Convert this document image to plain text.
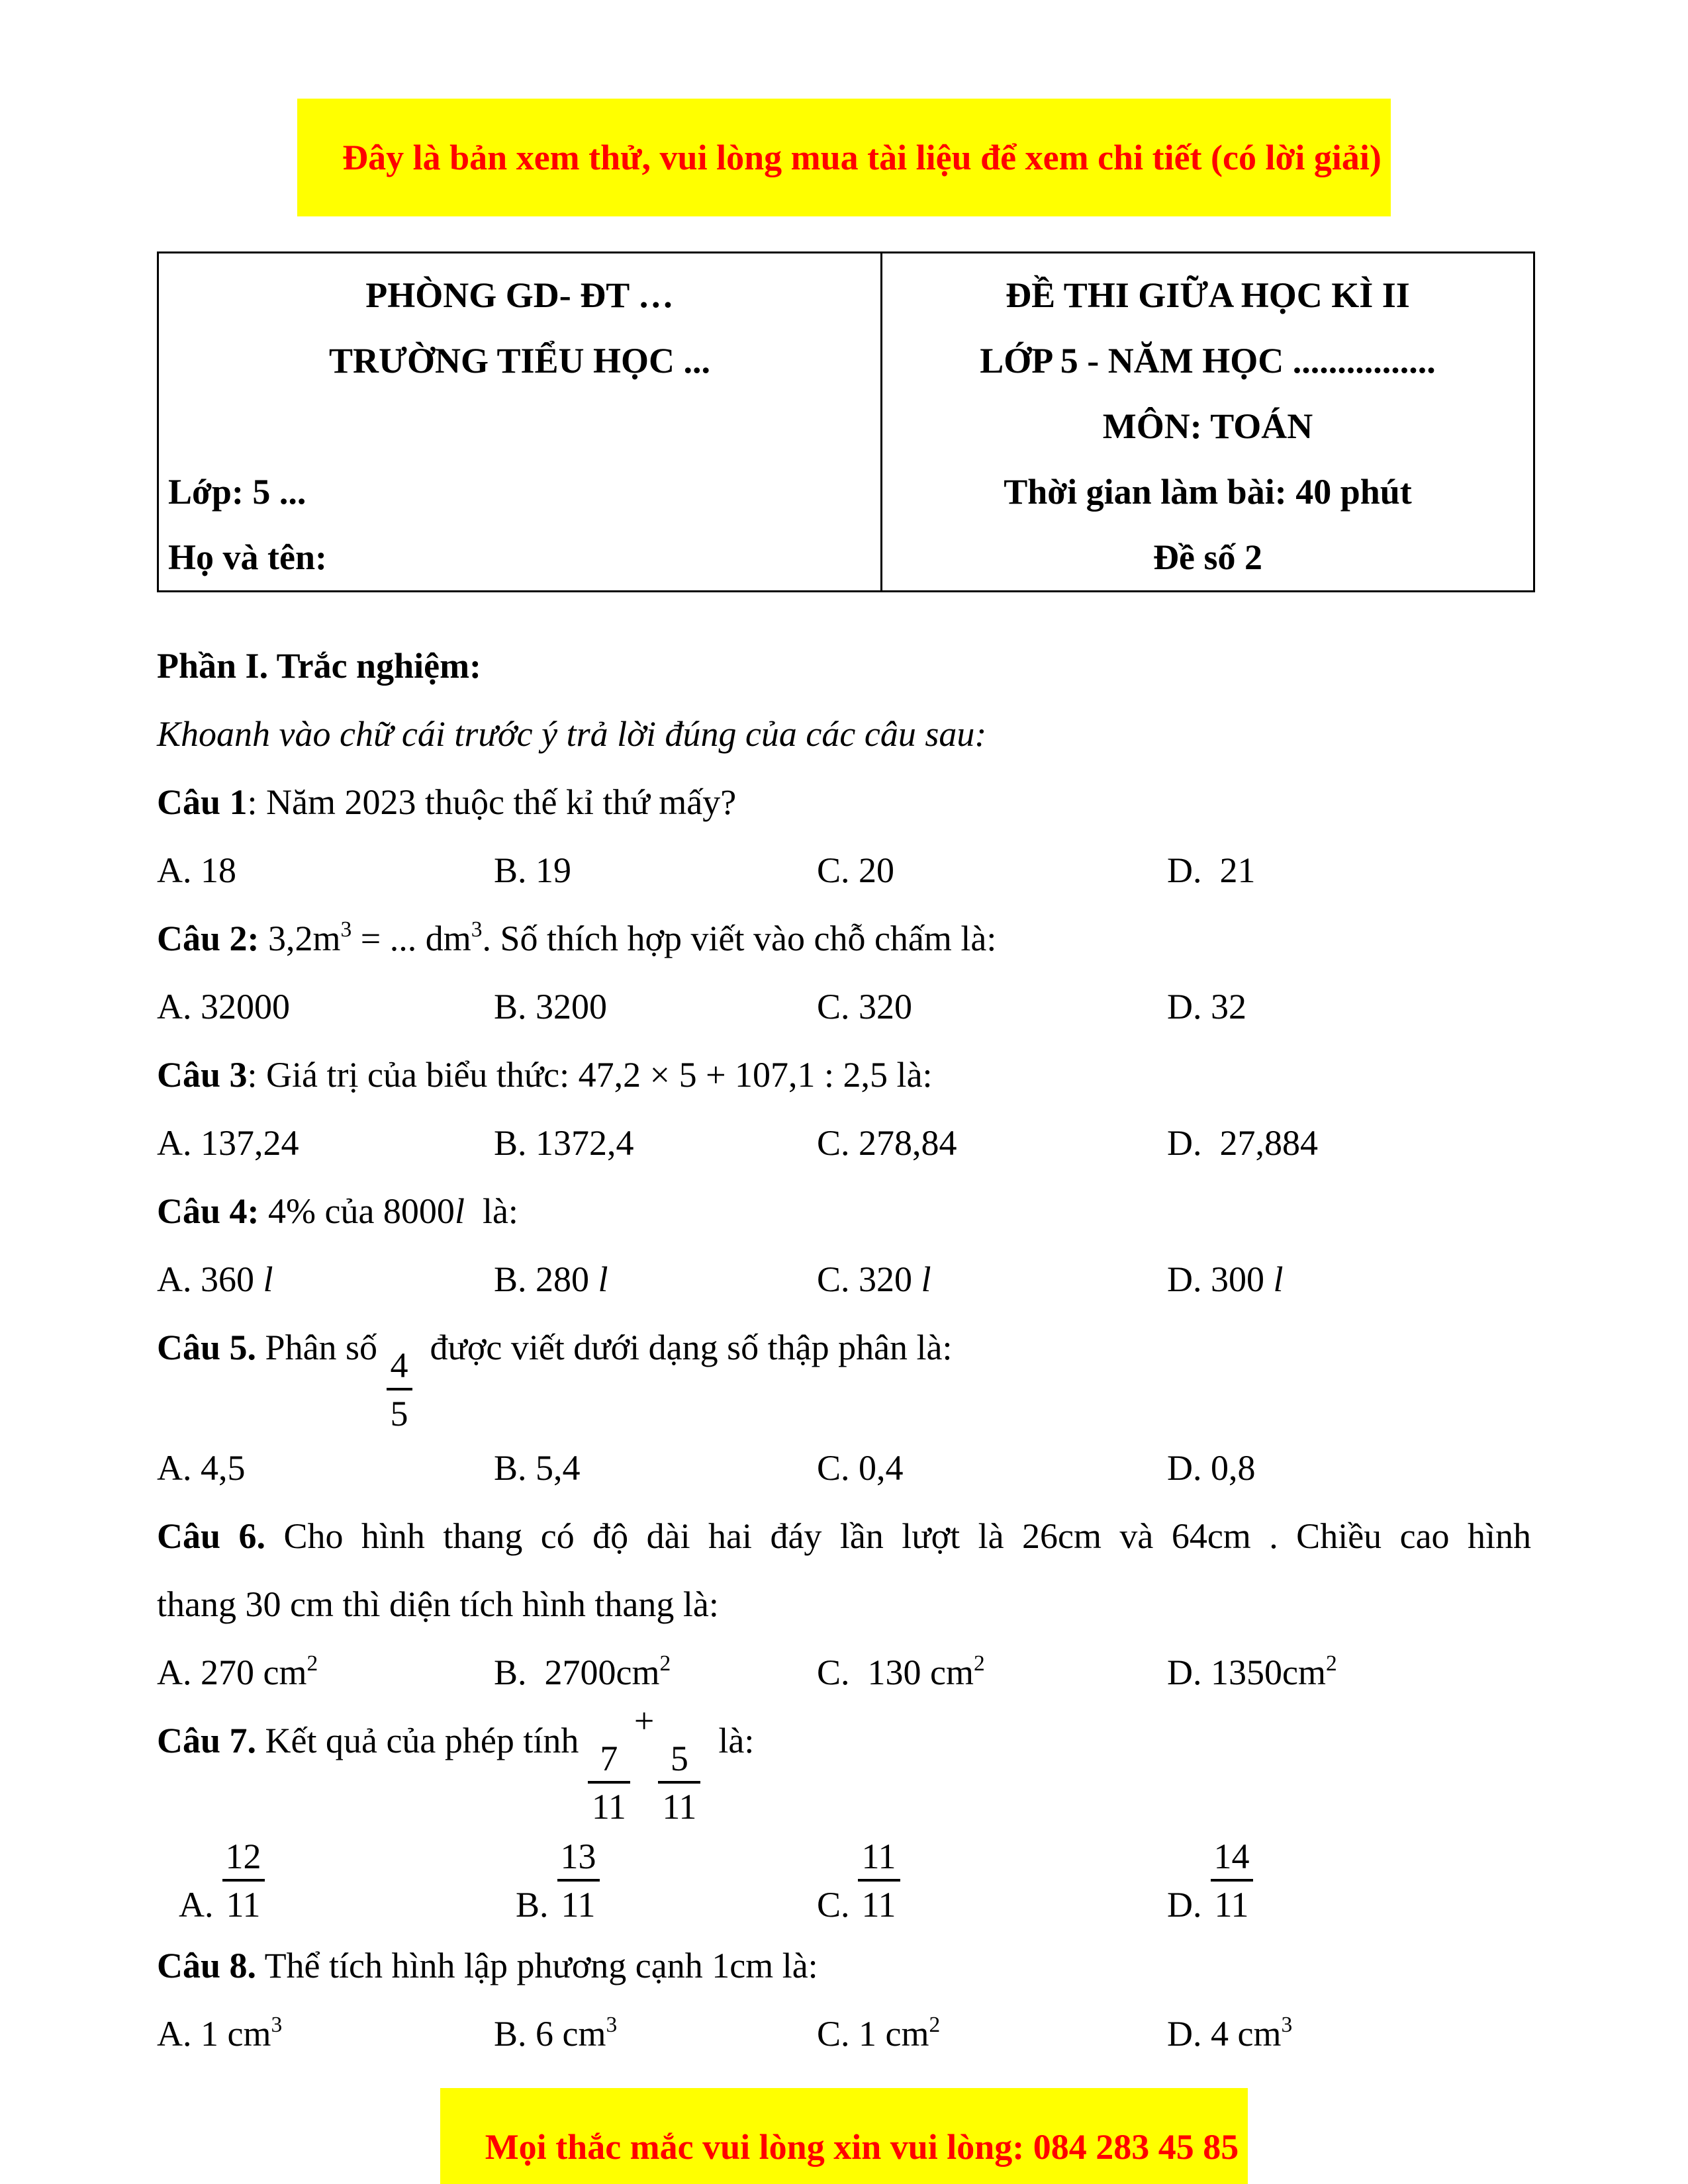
Đây là bản xem thử, vui lòng mua tài liệu để xem chi tiết (có lời giải)

PHÒNG GD- ĐT …
TRƯỜNG TIỂU HỌC ...
Lớp: 5 ...
Họ và tên:

ĐỀ THI GIỮA HỌC KÌ II
LỚP 5 - NĂM HỌC ................
MÔN: TOÁN
Thời gian làm bài: 40 phút
Đề số 2

Phần I. Trắc nghiệm:

Khoanh vào chữ cái trước ý trả lời đúng của các câu sau:

Câu 1: Năm 2023 thuộc thế kỉ thứ mấy?

A. 18	B. 19	C. 20	D.  21

Câu 2: $3,2m^3$ = ... $dm^3$. Số thích hợp viết vào chỗ chấm là:

A. 32000	B. 3200	C. 320	D. 32

Câu 3: Giá trị của biểu thức: 47,2 × 5 + 107,1 : 2,5 là:

A. 137,24	B. 1372,4	C. 278,84	D.  27,884

Câu 4: 4% của 8000l  là:

A. 360 l	B. 280 l	C. 320 l	D. 300 l

Câu 5. Phân số $\frac{4}{5}$ được viết dưới dạng số thập phân là:

A. 4,5	B. 5,4	C. 0,4	D. 0,8

Câu 6. Cho hình thang có độ dài hai đáy lần lượt là 26cm và 64cm . Chiều cao hình

thang 30 cm thì diện tích hình thang là:

A. 270 $cm^2$	B.  $2700cm^2$	C.  130 $cm^2$	D. $1350cm^2$

Câu 7. Kết quả của phép tính $\frac{7}{11}$
+
$\frac{5}{11}$ là:

A. $\frac{12}{11}$	B. $\frac{13}{11}$	C. $\frac{11}{11}$	D. $\frac{14}{11}$

Câu 8. Thể tích hình lập phương cạnh 1cm là:

A. 1 $cm^3$	B. 6 $cm^3$	C. 1 $cm^2$	D. 4 $cm^3$

Mọi thắc mắc vui lòng xin vui lòng: 084 283 45 85
